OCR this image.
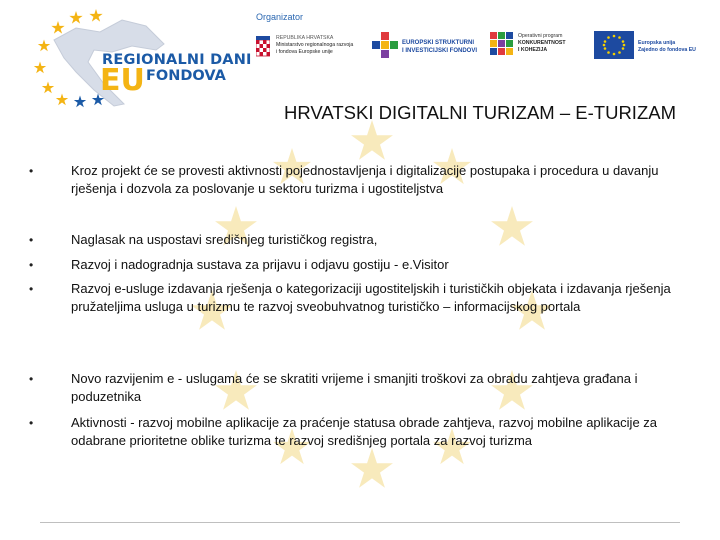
REGIONALNI DANI
EU FONDOVA
Organizator
REPUBLIKA HRVATSKA
Ministarstvo regionalnoga razvoja
i fondova Europske unije
EUROPSKI STRUKTURNI
I INVESTICIJSKI FONDOVI
Operativni program
KONKURENTNOST
I KOHEZIJA
Europska unija
Zajedno do fondova EU
HRVATSKI DIGITALNI TURIZAM – E-TURIZAM
•	Kroz projekt će se provesti aktivnosti pojednostavljenja i digitalizacije postupaka i procedura u davanju rješenja i dozvola za poslovanje u sektoru turizma i ugostiteljstva
•	Naglasak na uspostavi središnjeg turističkog registra,
•	Razvoj i nadogradnja sustava za prijavu i odjavu gostiju - e.Visitor
•	Razvoj e-usluge izdavanja rješenja o kategorizaciji ugostiteljskih i turističkih objekata i izdavanja rješenja pružateljima usluga u turizmu te razvoj sveobuhvatnog turističko – informacijskog portala
•	Novo razvijenim e - uslugama će se skratiti vrijeme i smanjiti troškovi za obradu zahtjeva građana i poduzetnika
•	Aktivnosti - razvoj mobilne aplikacije za praćenje statusa obrade zahtjeva, razvoj mobilne aplikacije za odabrane prioritetne oblike turizma te razvoj središnjeg portala za razvoj turizma
